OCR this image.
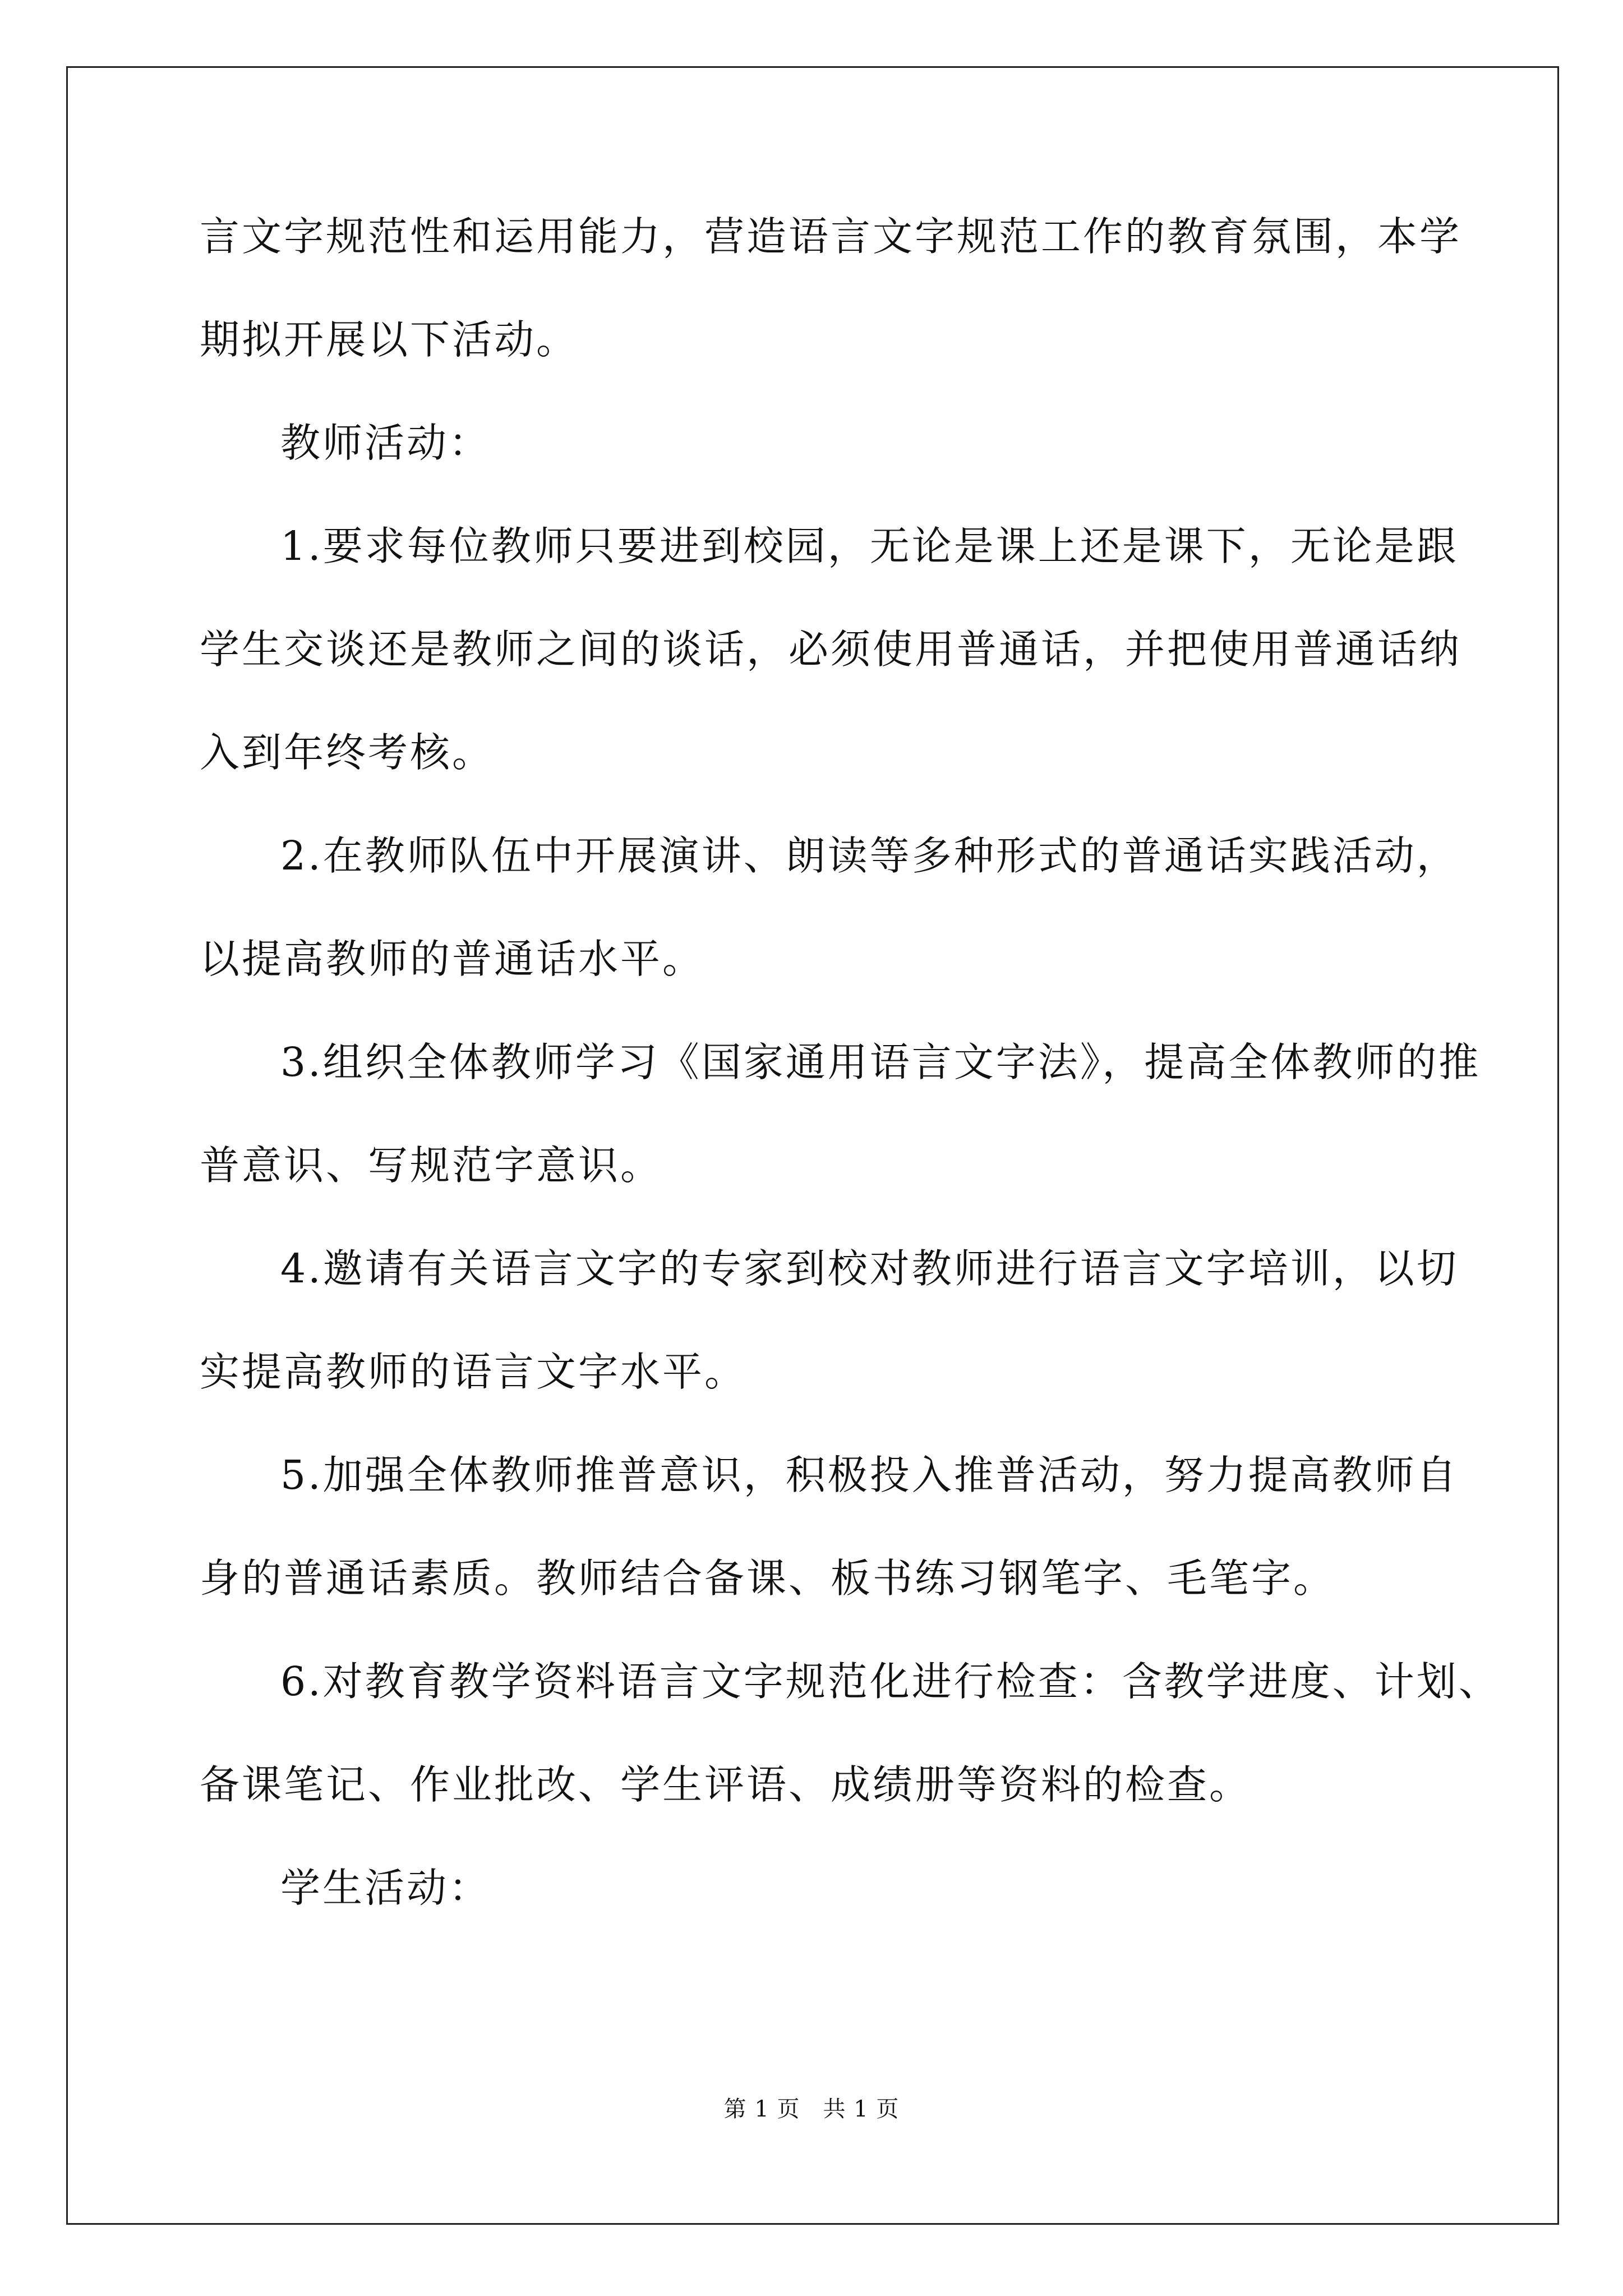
言文字规范性和运用能力，营造语言文字规范工作的教育氛围，本学
期拟开展以下活动。
教师活动：
1.要求每位教师只要进到校园，无论是课上还是课下，无论是跟
学生交谈还是教师之间的谈话，必须使用普通话，并把使用普通话纳
入到年终考核。
2.在教师队伍中开展演讲、朗读等多种形式的普通话实践活动，
以提高教师的普通话水平。
3.组织全体教师学习《国家通用语言文字法》，提高全体教师的推
普意识、写规范字意识。
4.邀请有关语言文字的专家到校对教师进行语言文字培训，以切
实提高教师的语言文字水平。
5.加强全体教师推普意识，积极投入推普活动，努力提高教师自
身的普通话素质。教师结合备课、板书练习钢笔字、毛笔字。
6.对教育教学资料语言文字规范化进行检查：含教学进度、计划、
备课笔记、作业批改、学生评语、成绩册等资料的检查。
学生活动：
第 1 页　共 1 页
